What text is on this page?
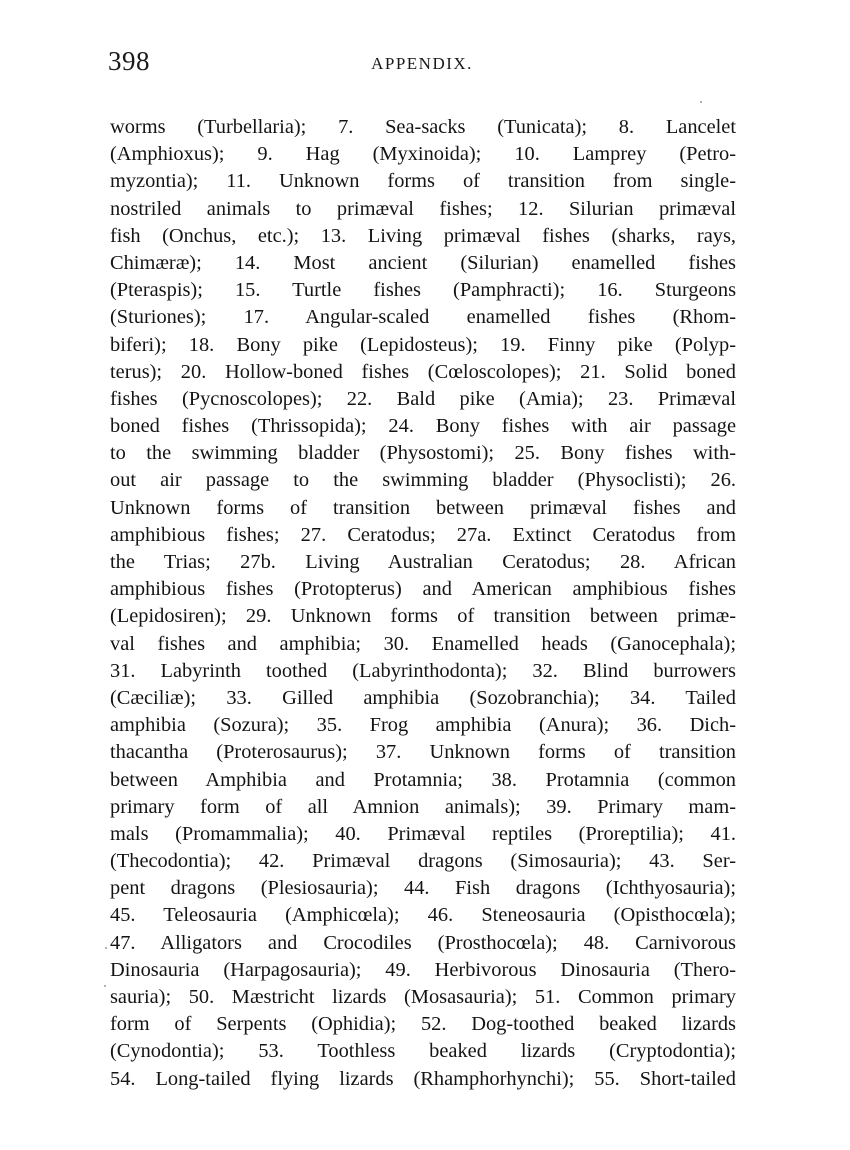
398	APPENDIX.
worms (Turbellaria); 7. Sea-sacks (Tunicata); 8. Lancelet
(Amphioxus); 9. Hag (Myxinoida); 10. Lamprey (Petro-
myzontia); 11. Unknown forms of transition from single-
nostriled animals to primæval fishes; 12. Silurian primæval
fish (Onchus, etc.); 13. Living primæval fishes (sharks, rays,
Chimæræ); 14. Most ancient (Silurian) enamelled fishes
(Pteraspis); 15. Turtle fishes (Pamphracti); 16. Sturgeons
(Sturiones); 17. Angular-scaled enamelled fishes (Rhom-
biferi); 18. Bony pike (Lepidosteus); 19. Finny pike (Polyp-
terus); 20. Hollow-boned fishes (Cœloscolopes); 21. Solid boned
fishes (Pycnoscolopes); 22. Bald pike (Amia); 23. Primæval
boned fishes (Thrissopida); 24. Bony fishes with air passage
to the swimming bladder (Physostomi); 25. Bony fishes with-
out air passage to the swimming bladder (Physoclisti); 26.
Unknown forms of transition between primæval fishes and
amphibious fishes; 27. Ceratodus; 27a. Extinct Ceratodus from
the Trias; 27b. Living Australian Ceratodus; 28. African
amphibious fishes (Protopterus) and American amphibious fishes
(Lepidosiren); 29. Unknown forms of transition between primæ-
val fishes and amphibia; 30. Enamelled heads (Ganocephala);
31. Labyrinth toothed (Labyrinthodonta); 32. Blind burrowers
(Cæciliæ); 33. Gilled amphibia (Sozobranchia); 34. Tailed
amphibia (Sozura); 35. Frog amphibia (Anura); 36. Dich-
thacantha (Proterosaurus); 37. Unknown forms of transition
between Amphibia and Protamnia; 38. Protamnia (common
primary form of all Amnion animals); 39. Primary mam-
mals (Promammalia); 40. Primæval reptiles (Proreptilia); 41.
(Thecodontia); 42. Primæval dragons (Simosauria); 43. Ser-
pent dragons (Plesiosauria); 44. Fish dragons (Ichthyosauria);
45. Teleosauria (Amphicœla); 46. Steneosauria (Opisthocœla);
47. Alligators and Crocodiles (Prosthocœla); 48. Carnivorous
Dinosauria (Harpagosauria); 49. Herbivorous Dinosauria (Thero-
sauria); 50. Mæstricht lizards (Mosasauria); 51. Common primary
form of Serpents (Ophidia); 52. Dog-toothed beaked lizards
(Cynodontia); 53. Toothless beaked lizards (Cryptodontia);
54. Long-tailed flying lizards (Rhamphorhynchi); 55. Short-tailed
